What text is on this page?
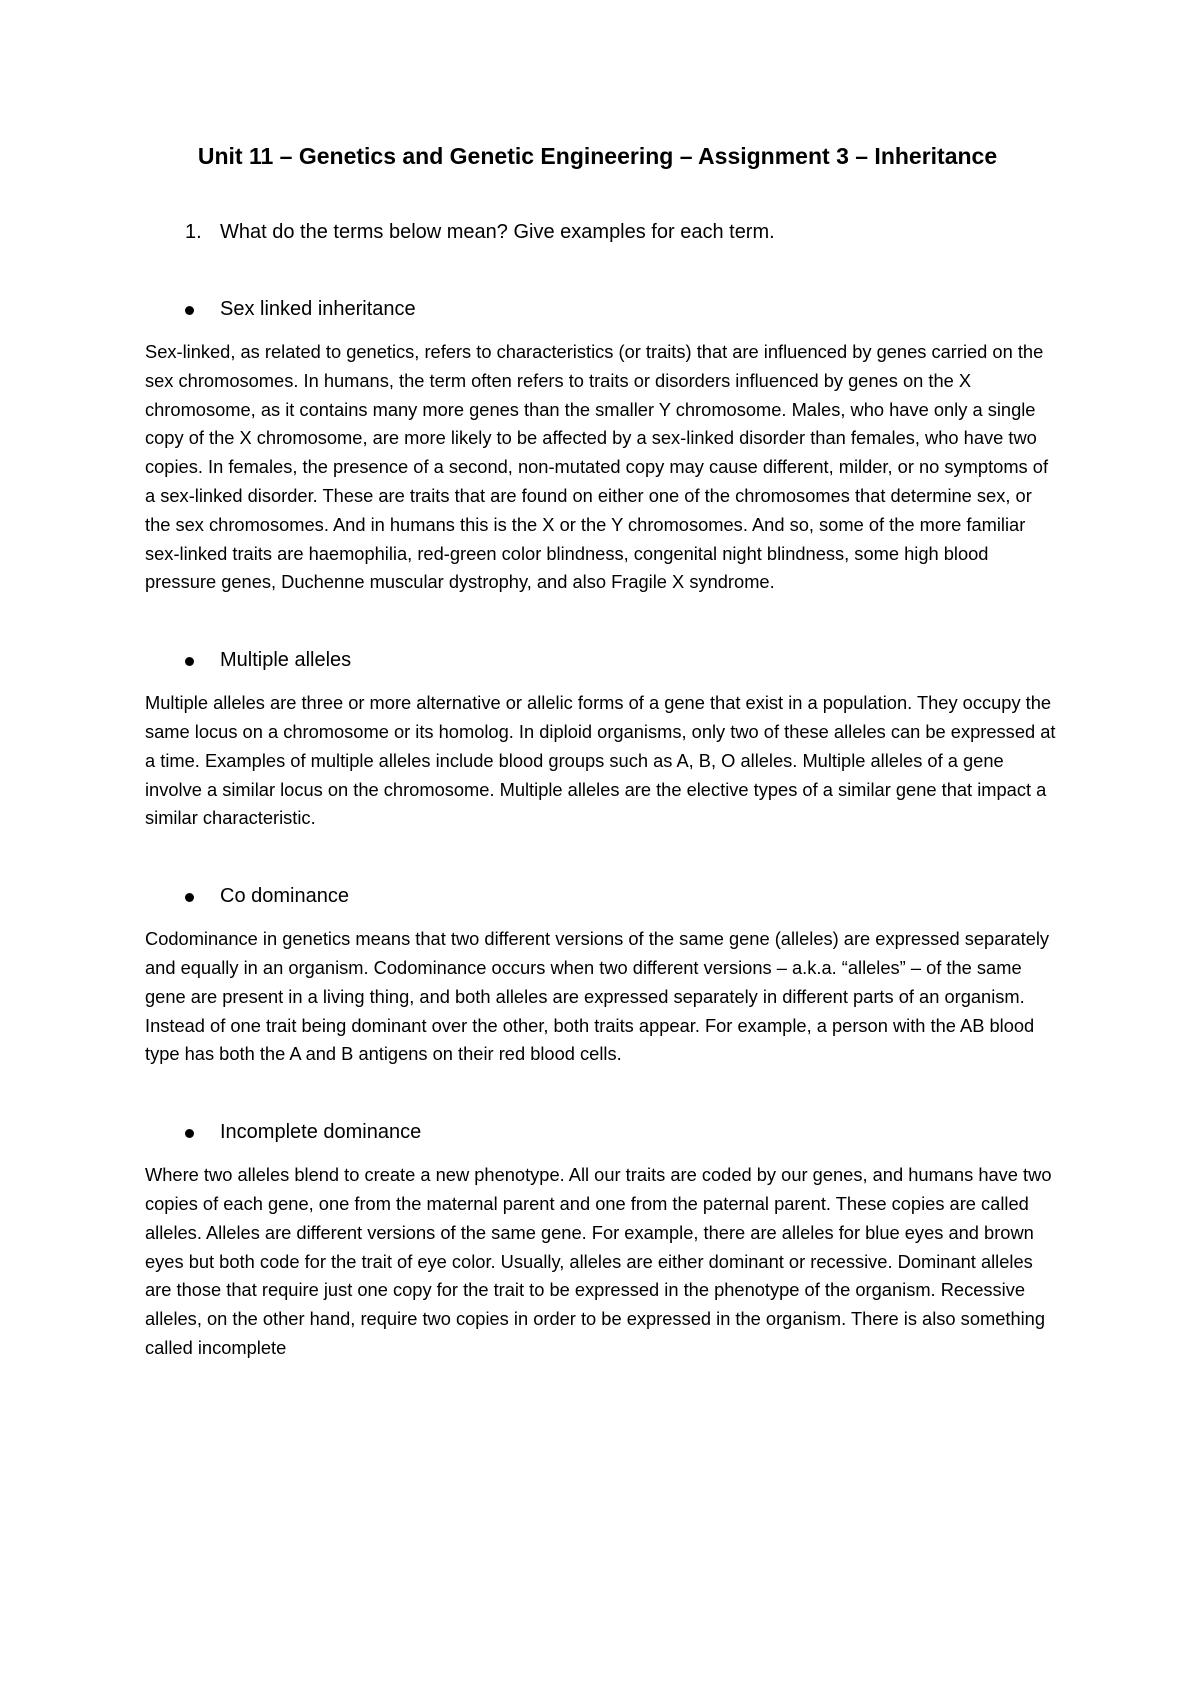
Unit 11 – Genetics and Genetic Engineering – Assignment 3 – Inheritance
1. What do the terms below mean? Give examples for each term.
Sex linked inheritance

Sex-linked, as related to genetics, refers to characteristics (or traits) that are influenced by genes carried on the sex chromosomes. In humans, the term often refers to traits or disorders influenced by genes on the X chromosome, as it contains many more genes than the smaller Y chromosome. Males, who have only a single copy of the X chromosome, are more likely to be affected by a sex-linked disorder than females, who have two copies. In females, the presence of a second, non-mutated copy may cause different, milder, or no symptoms of a sex-linked disorder. These are traits that are found on either one of the chromosomes that determine sex, or the sex chromosomes. And in humans this is the X or the Y chromosomes. And so, some of the more familiar sex-linked traits are haemophilia, red-green color blindness, congenital night blindness, some high blood pressure genes, Duchenne muscular dystrophy, and also Fragile X syndrome.

Multiple alleles

Multiple alleles are three or more alternative or allelic forms of a gene that exist in a population. They occupy the same locus on a chromosome or its homolog. In diploid organisms, only two of these alleles can be expressed at a time. Examples of multiple alleles include blood groups such as A, B, O alleles. Multiple alleles of a gene involve a similar locus on the chromosome. Multiple alleles are the elective types of a similar gene that impact a similar characteristic.

Co dominance

Codominance in genetics means that two different versions of the same gene (alleles) are expressed separately and equally in an organism. Codominance occurs when two different versions – a.k.a. “alleles” – of the same gene are present in a living thing, and both alleles are expressed separately in different parts of an organism. Instead of one trait being dominant over the other, both traits appear. For example, a person with the AB blood type has both the A and B antigens on their red blood cells.

Incomplete dominance

Where two alleles blend to create a new phenotype. All our traits are coded by our genes, and humans have two copies of each gene, one from the maternal parent and one from the paternal parent. These copies are called alleles. Alleles are different versions of the same gene. For example, there are alleles for blue eyes and brown eyes but both code for the trait of eye color. Usually, alleles are either dominant or recessive. Dominant alleles are those that require just one copy for the trait to be expressed in the phenotype of the organism. Recessive alleles, on the other hand, require two copies in order to be expressed in the organism. There is also something called incomplete
